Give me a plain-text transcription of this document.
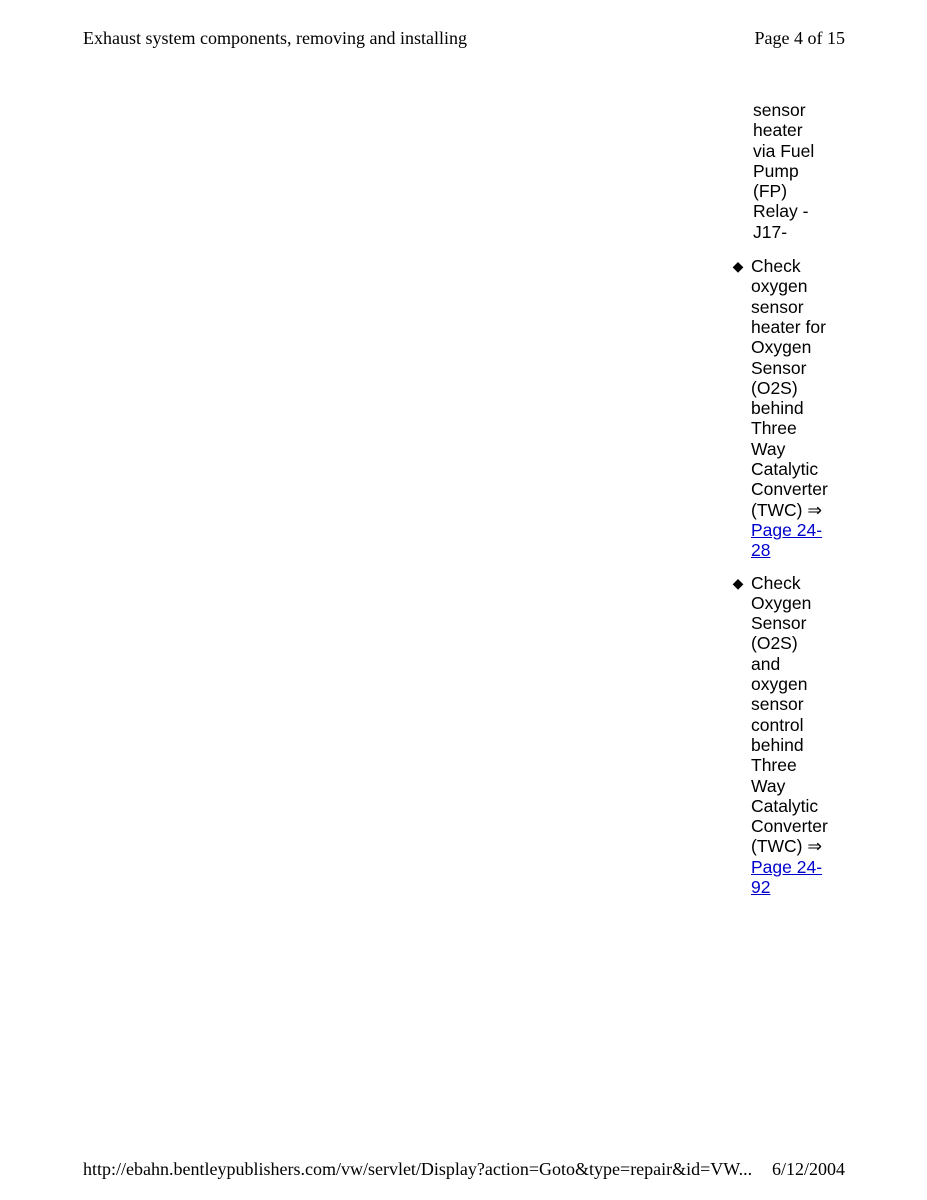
Exhaust system components, removing and installing	Page 4 of 15
sensor
heater
via Fuel
Pump
(FP)
Relay -
J17-
◆ Check
oxygen
sensor
heater for
Oxygen
Sensor
(O2S)
behind
Three
Way
Catalytic
Converter
(TWC) ⇒
Page 24-
28
◆ Check
Oxygen
Sensor
(O2S)
and
oxygen
sensor
control
behind
Three
Way
Catalytic
Converter
(TWC) ⇒
Page 24-
92
http://ebahn.bentleypublishers.com/vw/servlet/Display?action=Goto&type=repair&id=VW... 6/12/2004
